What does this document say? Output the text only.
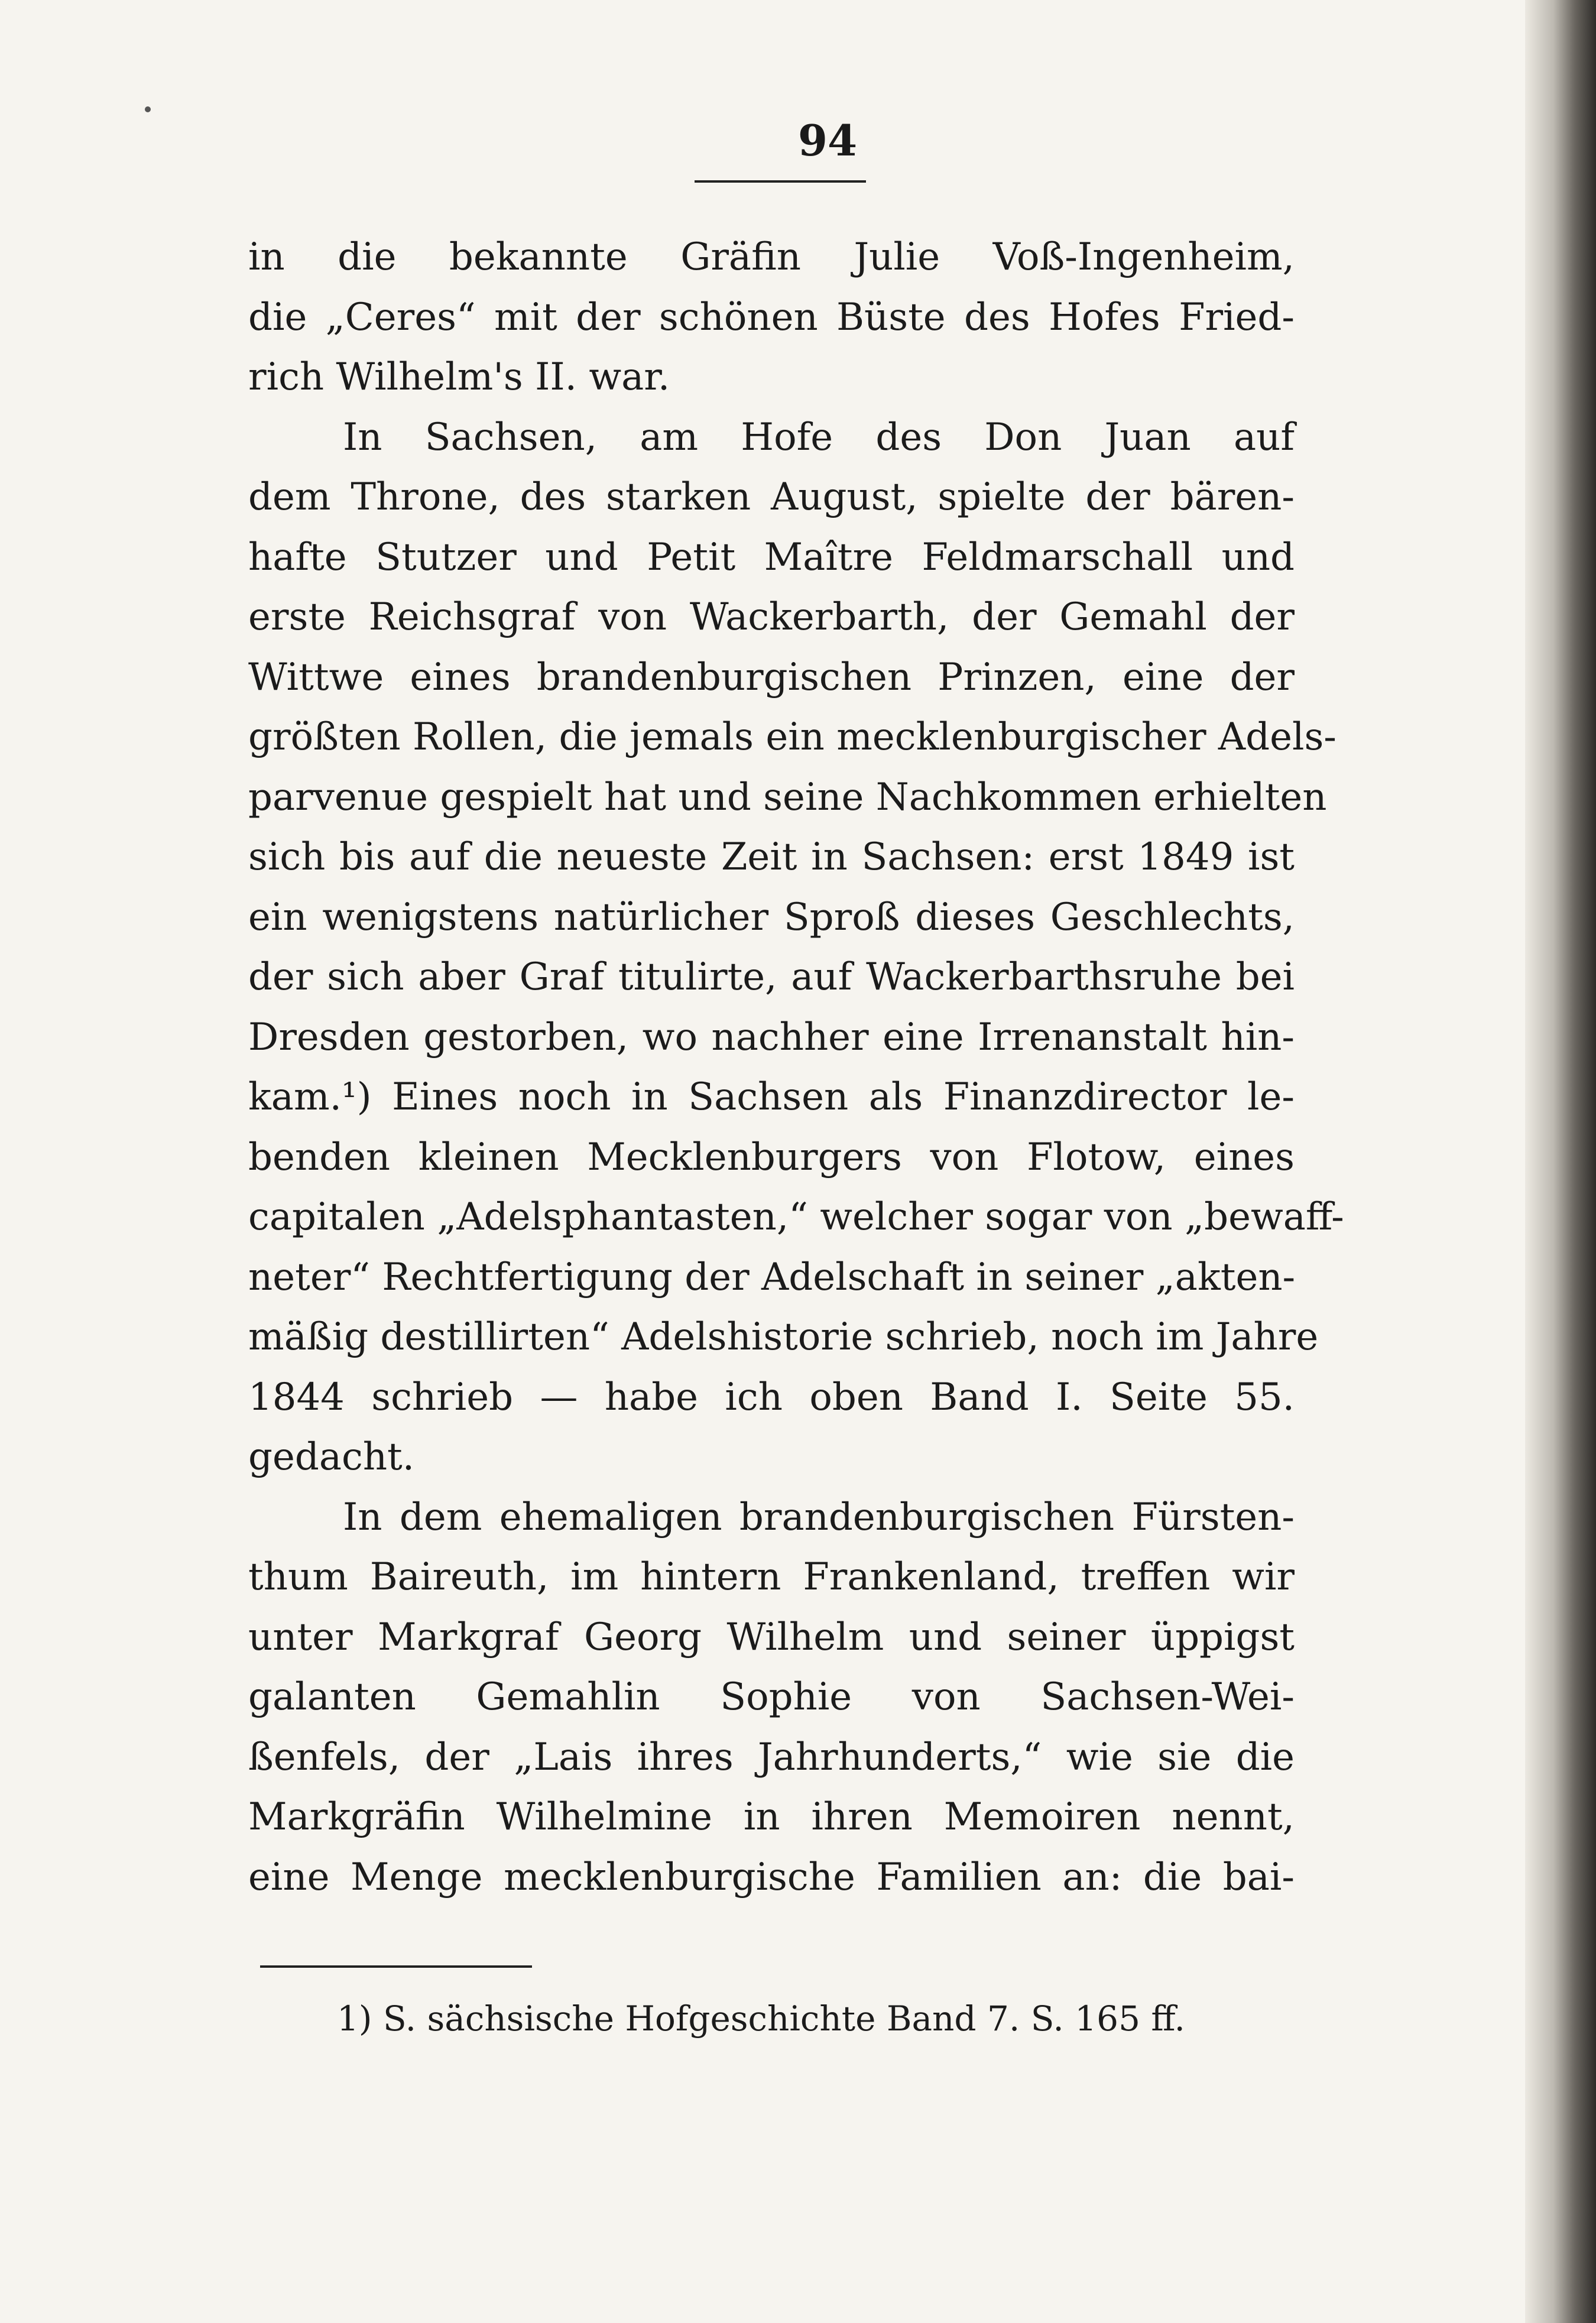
94
in die bekannte Gräfin Julie Voß-Ingenheim,
die „Ceres“ mit der schönen Büste des Hofes Fried-
rich Wilhelm's II. war.
In Sachsen, am Hofe des Don Juan auf
dem Throne, des starken August, spielte der bären-
hafte Stutzer und Petit Maître Feldmarschall und
erste Reichsgraf von Wackerbarth, der Gemahl der
Wittwe eines brandenburgischen Prinzen, eine der
größten Rollen, die jemals ein mecklenburgischer Adels-
parvenue gespielt hat und seine Nachkommen erhielten
sich bis auf die neueste Zeit in Sachsen: erst 1849 ist
ein wenigstens natürlicher Sproß dieses Geschlechts,
der sich aber Graf titulirte, auf Wackerbarthsruhe bei
Dresden gestorben, wo nachher eine Irrenanstalt hin-
kam.¹) Eines noch in Sachsen als Finanzdirector le-
benden kleinen Mecklenburgers von Flotow, eines
capitalen „Adelsphantasten,“ welcher sogar von „bewaff-
neter“ Rechtfertigung der Adelschaft in seiner „akten-
mäßig destillirten“ Adelshistorie schrieb, noch im Jahre
1844 schrieb — habe ich oben Band I. Seite 55.
gedacht.
In dem ehemaligen brandenburgischen Fürsten-
thum Baireuth, im hintern Frankenland, treffen wir
unter Markgraf Georg Wilhelm und seiner üppigst
galanten Gemahlin Sophie von Sachsen-Wei-
ßenfels, der „Lais ihres Jahrhunderts,“ wie sie die
Markgräfin Wilhelmine in ihren Memoiren nennt,
eine Menge mecklenburgische Familien an: die bai-
1) S. sächsische Hofgeschichte Band 7. S. 165 ff.
